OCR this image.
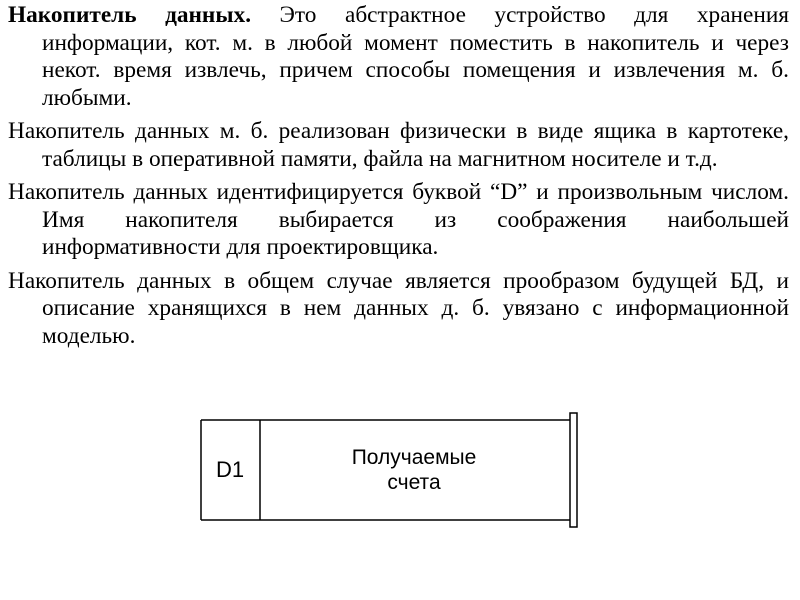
Накопитель данных. Это абстрактное устройство для хранения информации, кот. м. в любой момент поместить в накопитель и через некот. время извлечь, причем способы помещения и извлечения м. б. любыми.

Накопитель данных м. б. реализован физически в виде ящика в картотеке, таблицы в оперативной памяти, файла на магнитном носителе и т.д.

Накопитель данных идентифицируется буквой “D” и произвольным числом. Имя накопителя выбирается из соображения наибольшей информативности для проектировщика.

Накопитель данных в общем случае является прообразом будущей БД, и описание хранящихся в нем данных д. б. увязано с информационной моделью.

D1	Получаемые
счета
